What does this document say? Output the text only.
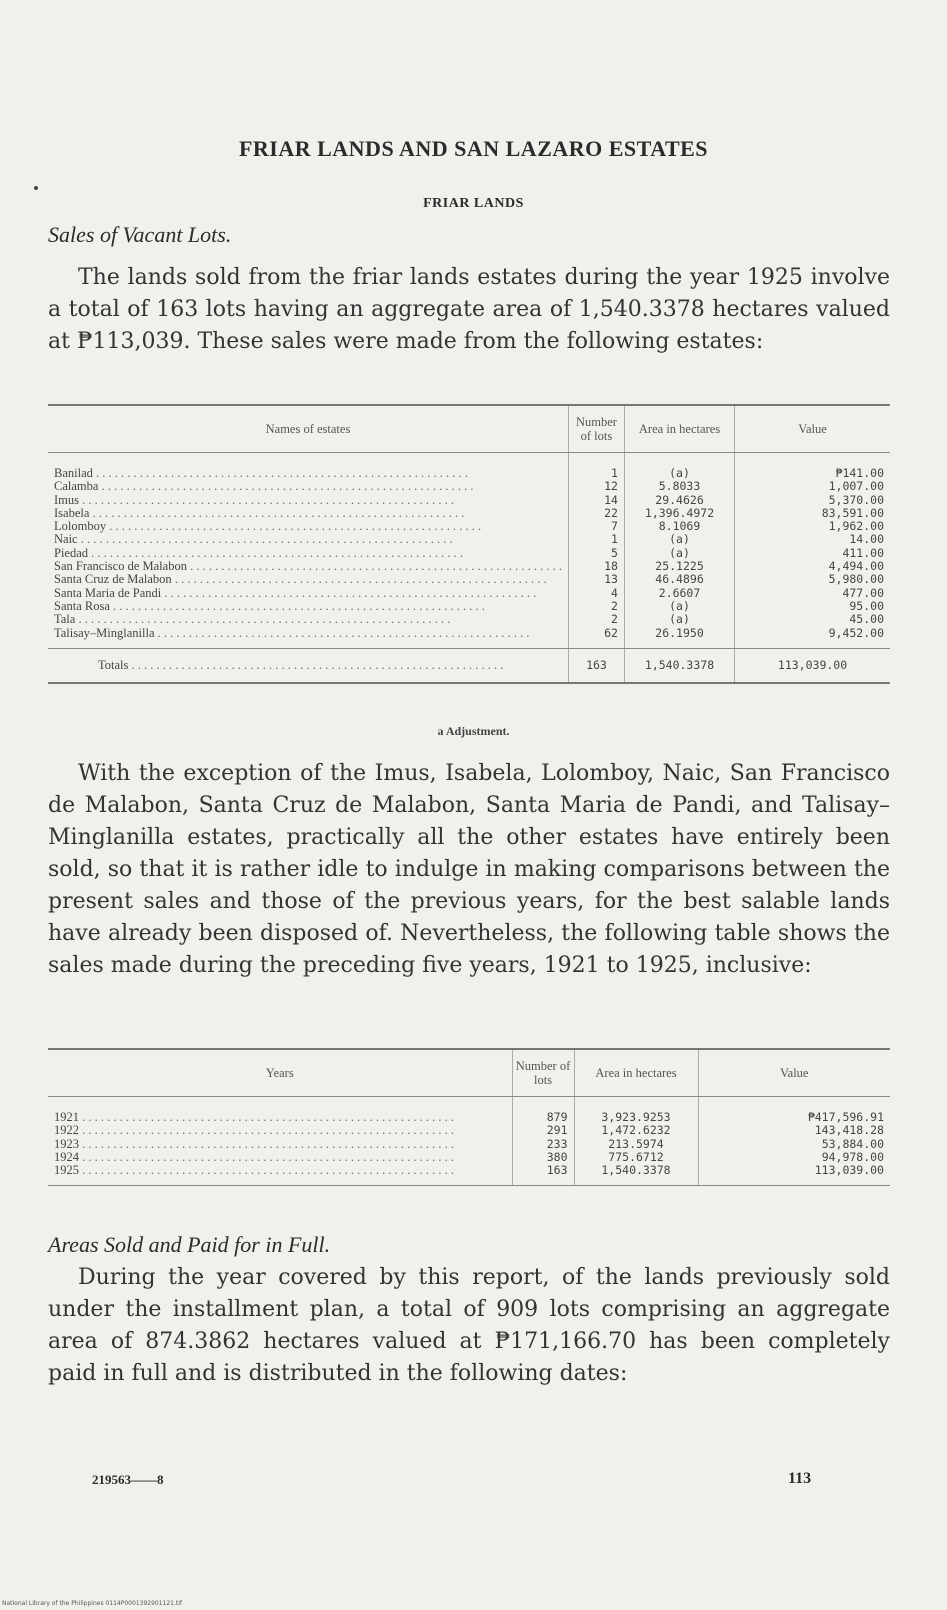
FRIAR LANDS AND SAN LAZARO ESTATES
FRIAR LANDS
Sales of Vacant Lots.

The lands sold from the friar lands estates during the year 1925 involve a total of 163 lots having an aggregate area of 1,540.3378 hectares valued at ₱113,039. These sales were made from the following estates:

Names of estates	Number of lots	Area in hectares	Value
Banilad . . . . . . . . . . . . . . . . . . . . . . . . . . . . . . . . . . . . . . . . . . . . . . . . . . . . . . . . . . . .	1	(a)	₱141.00
Calamba . . . . . . . . . . . . . . . . . . . . . . . . . . . . . . . . . . . . . . . . . . . . . . . . . . . . . . . . . . . .	12	5.8033	1,007.00
Imus . . . . . . . . . . . . . . . . . . . . . . . . . . . . . . . . . . . . . . . . . . . . . . . . . . . . . . . . . . . .	14	29.4626	5,370.00
Isabela . . . . . . . . . . . . . . . . . . . . . . . . . . . . . . . . . . . . . . . . . . . . . . . . . . . . . . . . . . . .	22	1,396.4972	83,591.00
Lolomboy . . . . . . . . . . . . . . . . . . . . . . . . . . . . . . . . . . . . . . . . . . . . . . . . . . . . . . . . . . . .	7	8.1069	1,962.00
Naic . . . . . . . . . . . . . . . . . . . . . . . . . . . . . . . . . . . . . . . . . . . . . . . . . . . . . . . . . . . .	1	(a)	14.00
Piedad . . . . . . . . . . . . . . . . . . . . . . . . . . . . . . . . . . . . . . . . . . . . . . . . . . . . . . . . . . . .	5	(a)	411.00
San Francisco de Malabon . . . . . . . . . . . . . . . . . . . . . . . . . . . . . . . . . . . . . . . . . . . . . . . . . . . . . . . . . . . .	18	25.1225	4,494.00
Santa Cruz de Malabon . . . . . . . . . . . . . . . . . . . . . . . . . . . . . . . . . . . . . . . . . . . . . . . . . . . . . . . . . . . .	13	46.4896	5,980.00
Santa Maria de Pandi . . . . . . . . . . . . . . . . . . . . . . . . . . . . . . . . . . . . . . . . . . . . . . . . . . . . . . . . . . . .	4	2.6607	477.00
Santa Rosa . . . . . . . . . . . . . . . . . . . . . . . . . . . . . . . . . . . . . . . . . . . . . . . . . . . . . . . . . . . .	2	(a)	95.00
Tala . . . . . . . . . . . . . . . . . . . . . . . . . . . . . . . . . . . . . . . . . . . . . . . . . . . . . . . . . . . .	2	(a)	45.00
Talisay–Minglanilla . . . . . . . . . . . . . . . . . . . . . . . . . . . . . . . . . . . . . . . . . . . . . . . . . . . . . . . . . . . .	62	26.1950	9,452.00
Totals . . . . . . . . . . . . . . . . . . . . . . . . . . . . . . . . . . . . . . . . . . . . . . . . . . . . . . . . . . . .	163	1,540.3378	113,039.00
a Adjustment.

With the exception of the Imus, Isabela, Lolomboy, Naic, San Francisco de Malabon, Santa Cruz de Malabon, Santa Maria de Pandi, and Talisay–Minglanilla estates, practically all the other estates have entirely been sold, so that it is rather idle to indulge in making comparisons between the present sales and those of the previous years, for the best salable lands have already been disposed of. Nevertheless, the following table shows the sales made during the preceding five years, 1921 to 1925, inclusive:

Years	Number of lots	Area in hectares	Value
1921 . . . . . . . . . . . . . . . . . . . . . . . . . . . . . . . . . . . . . . . . . . . . . . . . . . . . . . . . . . . .	879	3,923.9253	₱417,596.91
1922 . . . . . . . . . . . . . . . . . . . . . . . . . . . . . . . . . . . . . . . . . . . . . . . . . . . . . . . . . . . .	291	1,472.6232	143,418.28
1923 . . . . . . . . . . . . . . . . . . . . . . . . . . . . . . . . . . . . . . . . . . . . . . . . . . . . . . . . . . . .	233	213.5974	53,884.00
1924 . . . . . . . . . . . . . . . . . . . . . . . . . . . . . . . . . . . . . . . . . . . . . . . . . . . . . . . . . . . .	380	775.6712	94,978.00
1925 . . . . . . . . . . . . . . . . . . . . . . . . . . . . . . . . . . . . . . . . . . . . . . . . . . . . . . . . . . . .	163	1,540.3378	113,039.00
Areas Sold and Paid for in Full.

During the year covered by this report, of the lands previously sold under the installment plan, a total of 909 lots comprising an aggregate area of 874.3862 hectares valued at ₱171,166.70 has been completely paid in full and is distributed in the following dates:

219563——8	113
National Library of the Philippines 0114P0001392901121.tif
